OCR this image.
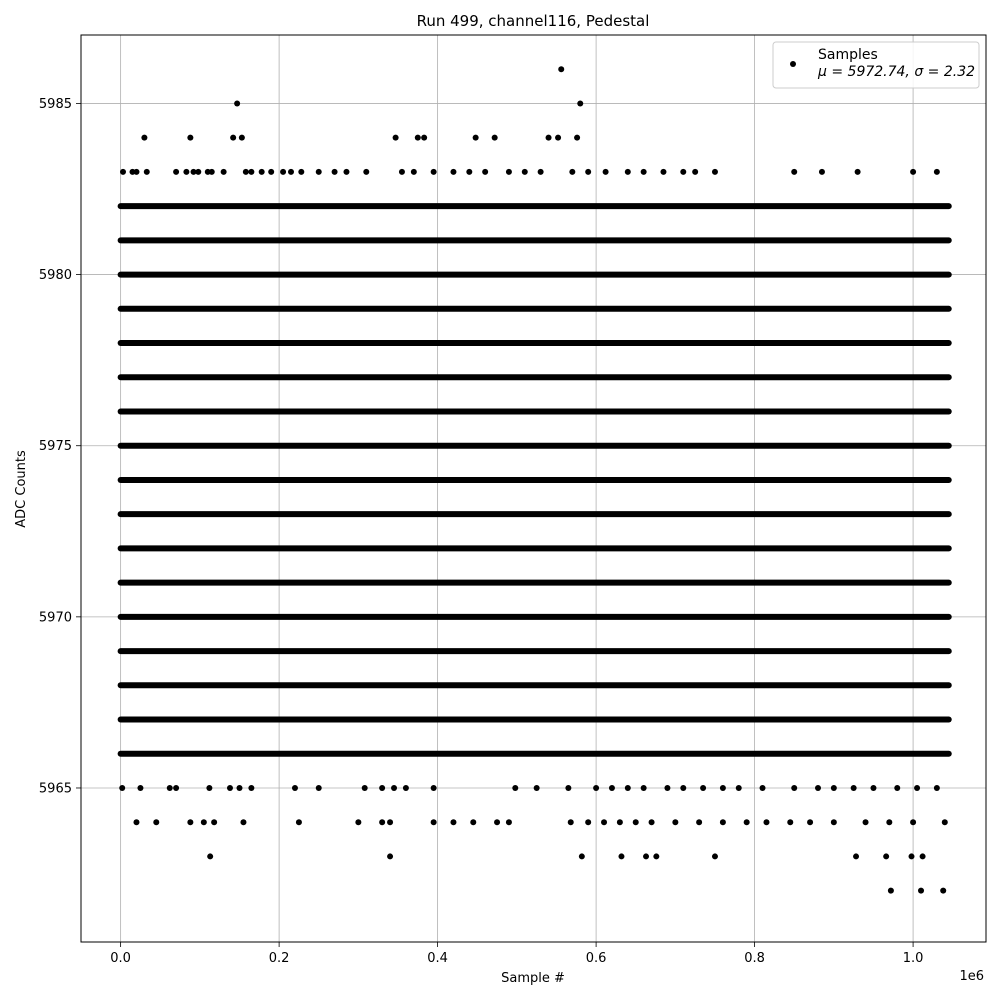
0.0	0.2	0.4	0.6	0.8	1.0
5965
5970
5975
5980
5985
Run 499, channel116, Pedestal
Sample #
ADC Counts
1e6
Samples
μ = 5972.74, σ = 2.32
